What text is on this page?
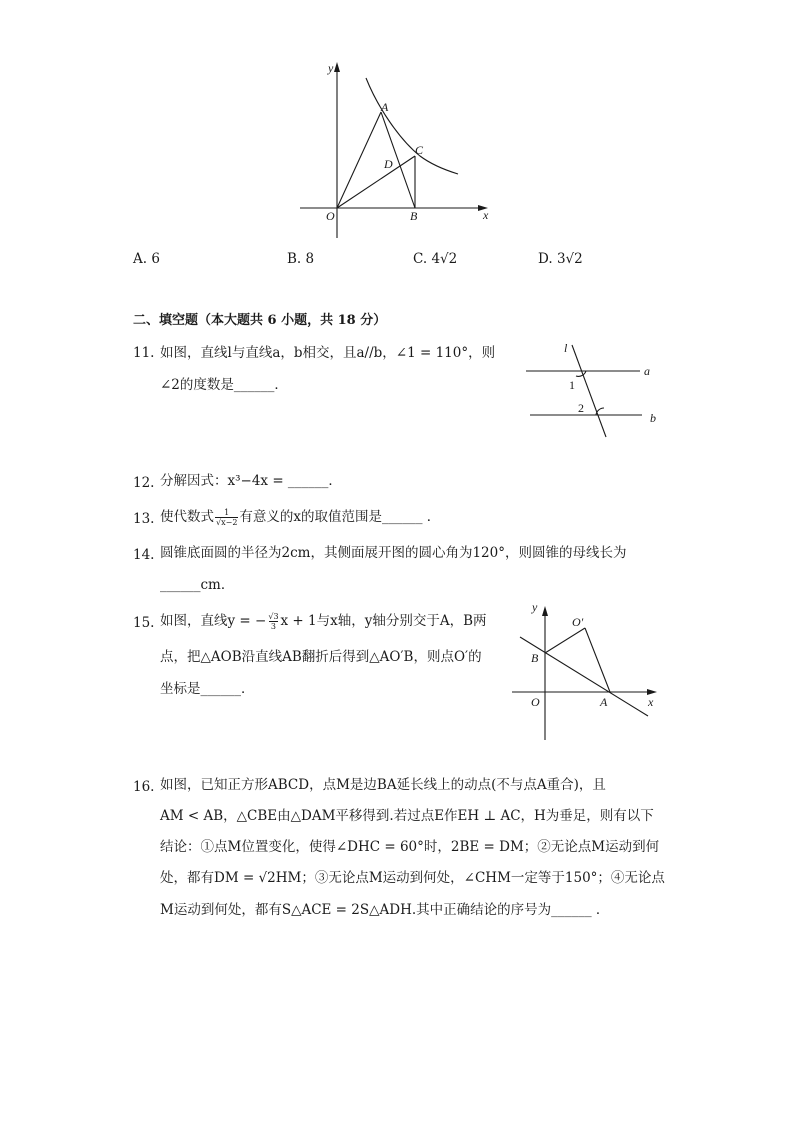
y
x
O
A
B
C
D
A. 6	B. 8	C. 4√2	D. 3√2
二、填空题（本大题共 6 小题，共 18 分）
11. 如图，直线l与直线a，b相交，且a//b，∠1 = 110°，则
∠2的度数是______．
l
a
b
1
2
12. 分解因式：x³−4x = ______．
13. 使代数式 $\frac{1}{√x-2}$ 有意义的x的取值范围是______ ．
14. 圆锥底面圆的半径为2cm，其侧面展开图的圆心角为120°，则圆锥的母线长为
______cm．
15. 如图，直线y = − $\frac{√3}{3}$ x + 1与x轴，y轴分别交于A，B两
点，把△AOB沿直线AB翻折后得到△AO′B，则点O′的
坐标是______．
y
x
O	A
B
O′
16. 如图，已知正方形ABCD，点M是边BA延长线上的动点(不与点A重合)，且
AM < AB，△CBE由△DAM平移得到.若过点E作EH ⊥ AC，H为垂足，则有以下
结论：①点M位置变化，使得∠DHC = 60°时，2BE = DM；②无论点M运动到何
处，都有DM = √2HM；③无论点M运动到何处，∠CHM一定等于150°；④无论点
M运动到何处，都有S△ACE = 2S△ADH.其中正确结论的序号为______ ．
